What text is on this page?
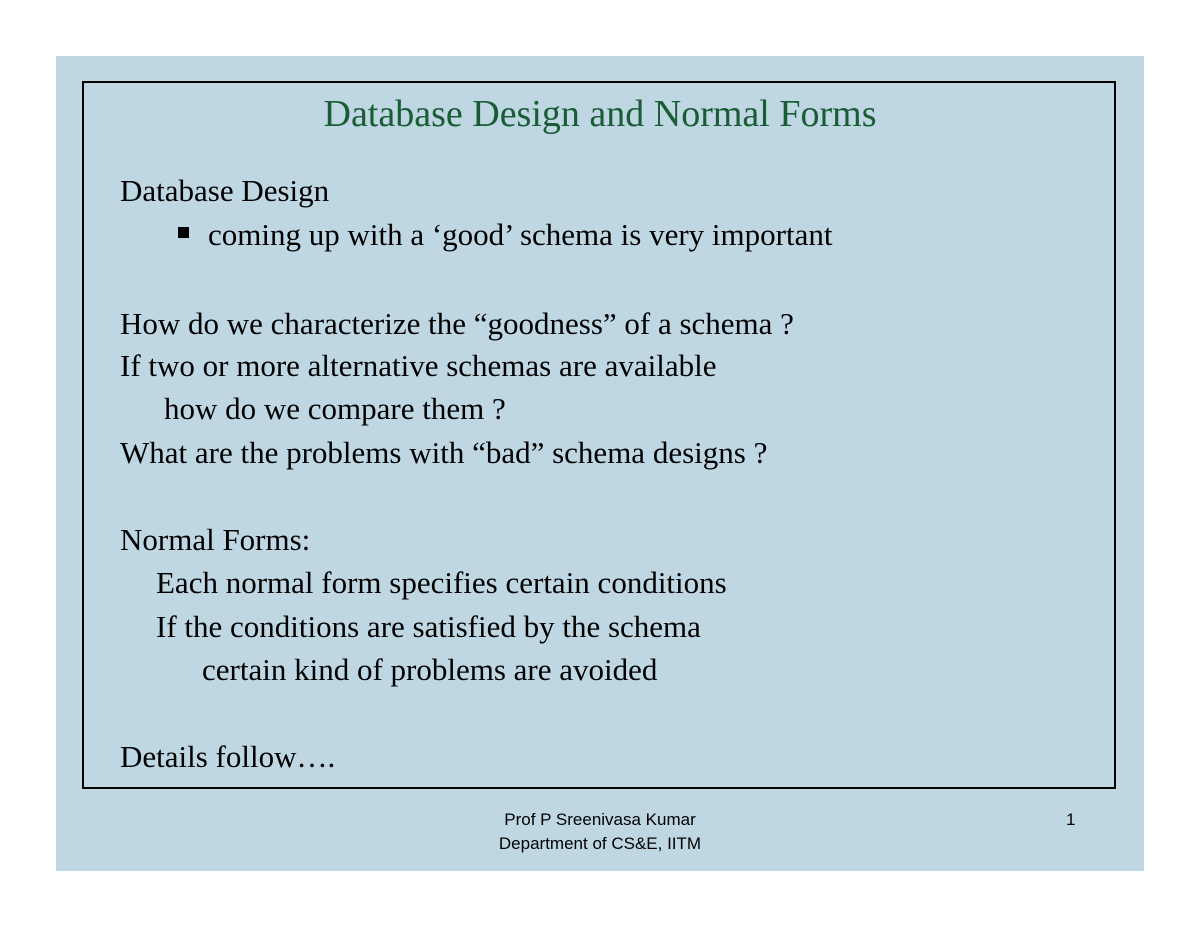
Database Design and Normal Forms
Database Design
coming up with a ‘good’ schema is very important
How do we characterize the “goodness” of a schema ?
If two or more alternative schemas are available
how do we compare them ?
What are the problems with “bad” schema designs ?
Normal Forms:
Each normal form specifies certain conditions
If the conditions are satisfied by the schema
certain kind of problems are avoided
Details follow….
Prof P Sreenivasa Kumar
Department of CS&E, IITM
1
